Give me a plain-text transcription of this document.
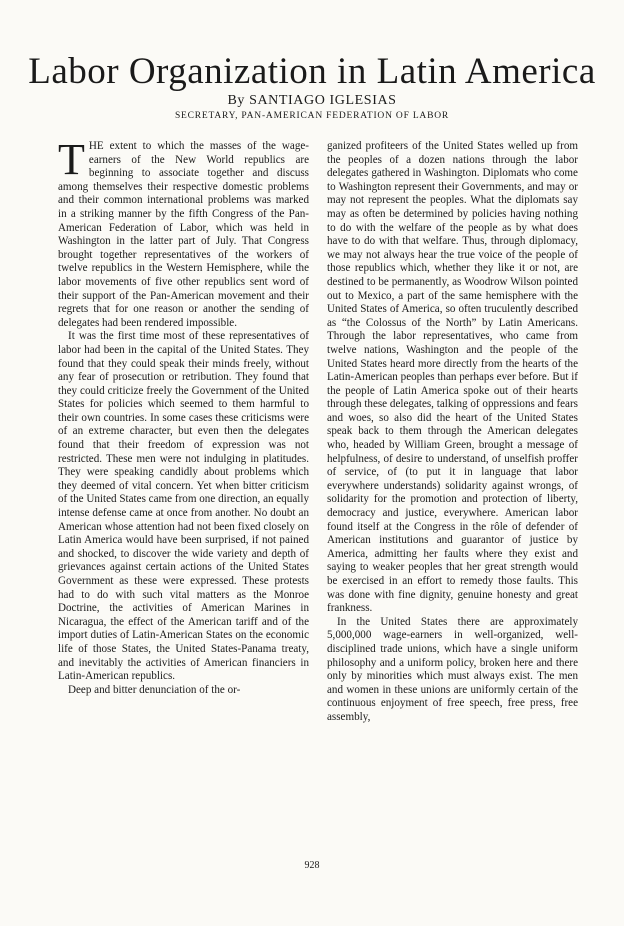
Labor Organization in Latin America
By SANTIAGO IGLESIAS
SECRETARY, PAN-AMERICAN FEDERATION OF LABOR

THE extent to which the masses of the wage-earners of the New World republics are beginning to associate together and discuss among themselves their respective domestic problems and their common international problems was marked in a striking manner by the fifth Congress of the Pan-American Federation of Labor, which was held in Washington in the latter part of July. That Congress brought together representatives of the workers of twelve republics in the Western Hemisphere, while the labor movements of five other republics sent word of their support of the Pan-American movement and their regrets that for one reason or another the sending of delegates had been rendered impossible.

It was the first time most of these representatives of labor had been in the capital of the United States. They found that they could speak their minds freely, without any fear of prosecution or retribution. They found that they could criticize freely the Government of the United States for policies which seemed to them harmful to their own countries. In some cases these criticisms were of an extreme character, but even then the delegates found that their freedom of expression was not restricted. These men were not indulging in platitudes. They were speaking candidly about problems which they deemed of vital concern. Yet when bitter criticism of the United States came from one direction, an equally intense defense came at once from another. No doubt an American whose attention had not been fixed closely on Latin America would have been surprised, if not pained and shocked, to discover the wide variety and depth of grievances against certain actions of the United States Government as these were expressed. These protests had to do with such vital matters as the Monroe Doctrine, the activities of American Marines in Nicaragua, the effect of the American tariff and of the import duties of Latin-American States on the economic life of those States, the United States-Panama treaty, and inevitably the activities of American financiers in Latin-American republics.

Deep and bitter denunciation of the or-

ganized profiteers of the United States welled up from the peoples of a dozen nations through the labor delegates gathered in Washington. Diplomats who come to Washington represent their Governments, and may or may not represent the peoples. What the diplomats say may as often be determined by policies having nothing to do with the welfare of the people as by what does have to do with that welfare. Thus, through diplomacy, we may not always hear the true voice of the people of those republics which, whether they like it or not, are destined to be permanently, as Woodrow Wilson pointed out to Mexico, a part of the same hemisphere with the United States of America, so often truculently described as “the Colossus of the North” by Latin Americans. Through the labor representatives, who came from twelve nations, Washington and the people of the United States heard more directly from the hearts of the Latin-American peoples than perhaps ever before. But if the people of Latin America spoke out of their hearts through these delegates, talking of oppressions and fears and woes, so also did the heart of the United States speak back to them through the American delegates who, headed by William Green, brought a message of helpfulness, of desire to understand, of unselfish proffer of service, of (to put it in language that labor everywhere understands) solidarity against wrongs, of solidarity for the promotion and protection of liberty, democracy and justice, everywhere. American labor found itself at the Congress in the rôle of defender of American institutions and guarantor of justice by America, admitting her faults where they exist and saying to weaker peoples that her great strength would be exercised in an effort to remedy those faults. This was done with fine dignity, genuine honesty and great frankness.

In the United States there are approximately 5,000,000 wage-earners in well-organized, well-disciplined trade unions, which have a single uniform philosophy and a uniform policy, broken here and there only by minorities which must always exist. The men and women in these unions are uniformly certain of the continuous enjoyment of free speech, free press, free assembly,

928
